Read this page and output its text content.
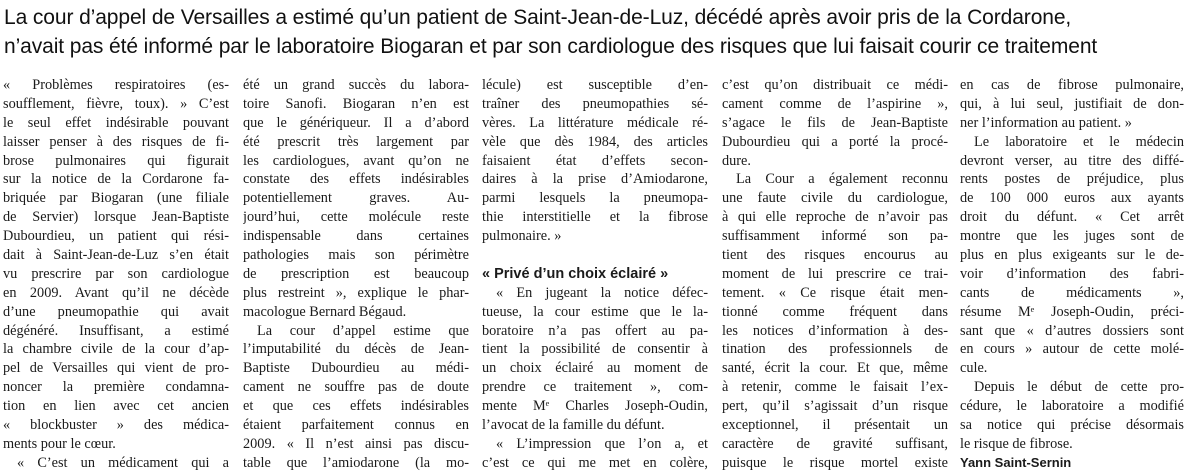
La cour d’appel de Versailles a estimé qu’un patient de Saint-Jean-de-Luz, décédé après avoir pris de la Cordarone,
n’avait pas été informé par le laboratoire Biogaran et par son cardiologue des risques que lui faisait courir ce traitement
« Problèmes respiratoires (es-
soufflement, fièvre, toux). » C’est
le seul effet indésirable pouvant
laisser penser à des risques de fi-
brose pulmonaires qui figurait
sur la notice de la Cordarone fa-
briquée par Biogaran (une filiale
de Servier) lorsque Jean-Baptiste
Dubourdieu, un patient qui rési-
dait à Saint-Jean-de-Luz s’en était
vu prescrire par son cardiologue
en 2009. Avant qu’il ne décède
d’une pneumopathie qui avait
dégénéré. Insuffisant, a estimé
la chambre civile de la cour d’ap-
pel de Versailles qui vient de pro-
noncer la première condamna-
tion en lien avec cet ancien
« blockbuster » des médica-
ments pour le cœur.
« C’est un médicament qui a
été un grand succès du labora-
toire Sanofi. Biogaran n’en est
que le génériqueur. Il a d’abord
été prescrit très largement par
les cardiologues, avant qu’on ne
constate des effets indésirables
potentiellement graves. Au-
jourd’hui, cette molécule reste
indispensable dans certaines
pathologies mais son périmètre
de prescription est beaucoup
plus restreint », explique le phar-
macologue Bernard Bégaud.
La cour d’appel estime que
l’imputabilité du décès de Jean-
Baptiste Dubourdieu au médi-
cament ne souffre pas de doute
et que ces effets indésirables
étaient parfaitement connus en
2009. « Il n’est ainsi pas discu-
table que l’amiodarone (la mo-
lécule) est susceptible d’en-
traîner des pneumopathies sé-
vères. La littérature médicale ré-
vèle que dès 1984, des articles
faisaient état d’effets secon-
daires à la prise d’Amiodarone,
parmi lesquels la pneumopa-
thie interstitielle et la fibrose
pulmonaire. »
« Privé d’un choix éclairé »
« En jugeant la notice défec-
tueuse, la cour estime que le la-
boratoire n’a pas offert au pa-
tient la possibilité de consentir à
un choix éclairé au moment de
prendre ce traitement », com-
mente Mᵉ Charles Joseph-Oudin,
l’avocat de la famille du défunt.
« L’impression que l’on a, et
c’est ce qui me met en colère,
c’est qu’on distribuait ce médi-
cament comme de l’aspirine »,
s’agace le fils de Jean-Baptiste
Dubourdieu qui a porté la procé-
dure.
La Cour a également reconnu
une faute civile du cardiologue,
à qui elle reproche de n’avoir pas
suffisamment informé son pa-
tient des risques encourus au
moment de lui prescrire ce trai-
tement. « Ce risque était men-
tionné comme fréquent dans
les notices d’information à des-
tination des professionnels de
santé, écrit la cour. Et que, même
à retenir, comme le faisait l’ex-
pert, qu’il s’agissait d’un risque
exceptionnel, il présentait un
caractère de gravité suffisant,
puisque le risque mortel existe
en cas de fibrose pulmonaire,
qui, à lui seul, justifiait de don-
ner l’information au patient. »
Le laboratoire et le médecin
devront verser, au titre des diffé-
rents postes de préjudice, plus
de 100 000 euros aux ayants
droit du défunt. « Cet arrêt
montre que les juges sont de
plus en plus exigeants sur le de-
voir d’information des fabri-
cants de médicaments »,
résume Mᵉ Joseph-Oudin, préci-
sant que « d’autres dossiers sont
en cours » autour de cette molé-
cule.
Depuis le début de cette pro-
cédure, le laboratoire a modifié
sa notice qui précise désormais
le risque de fibrose.
Yann Saint-Sernin
